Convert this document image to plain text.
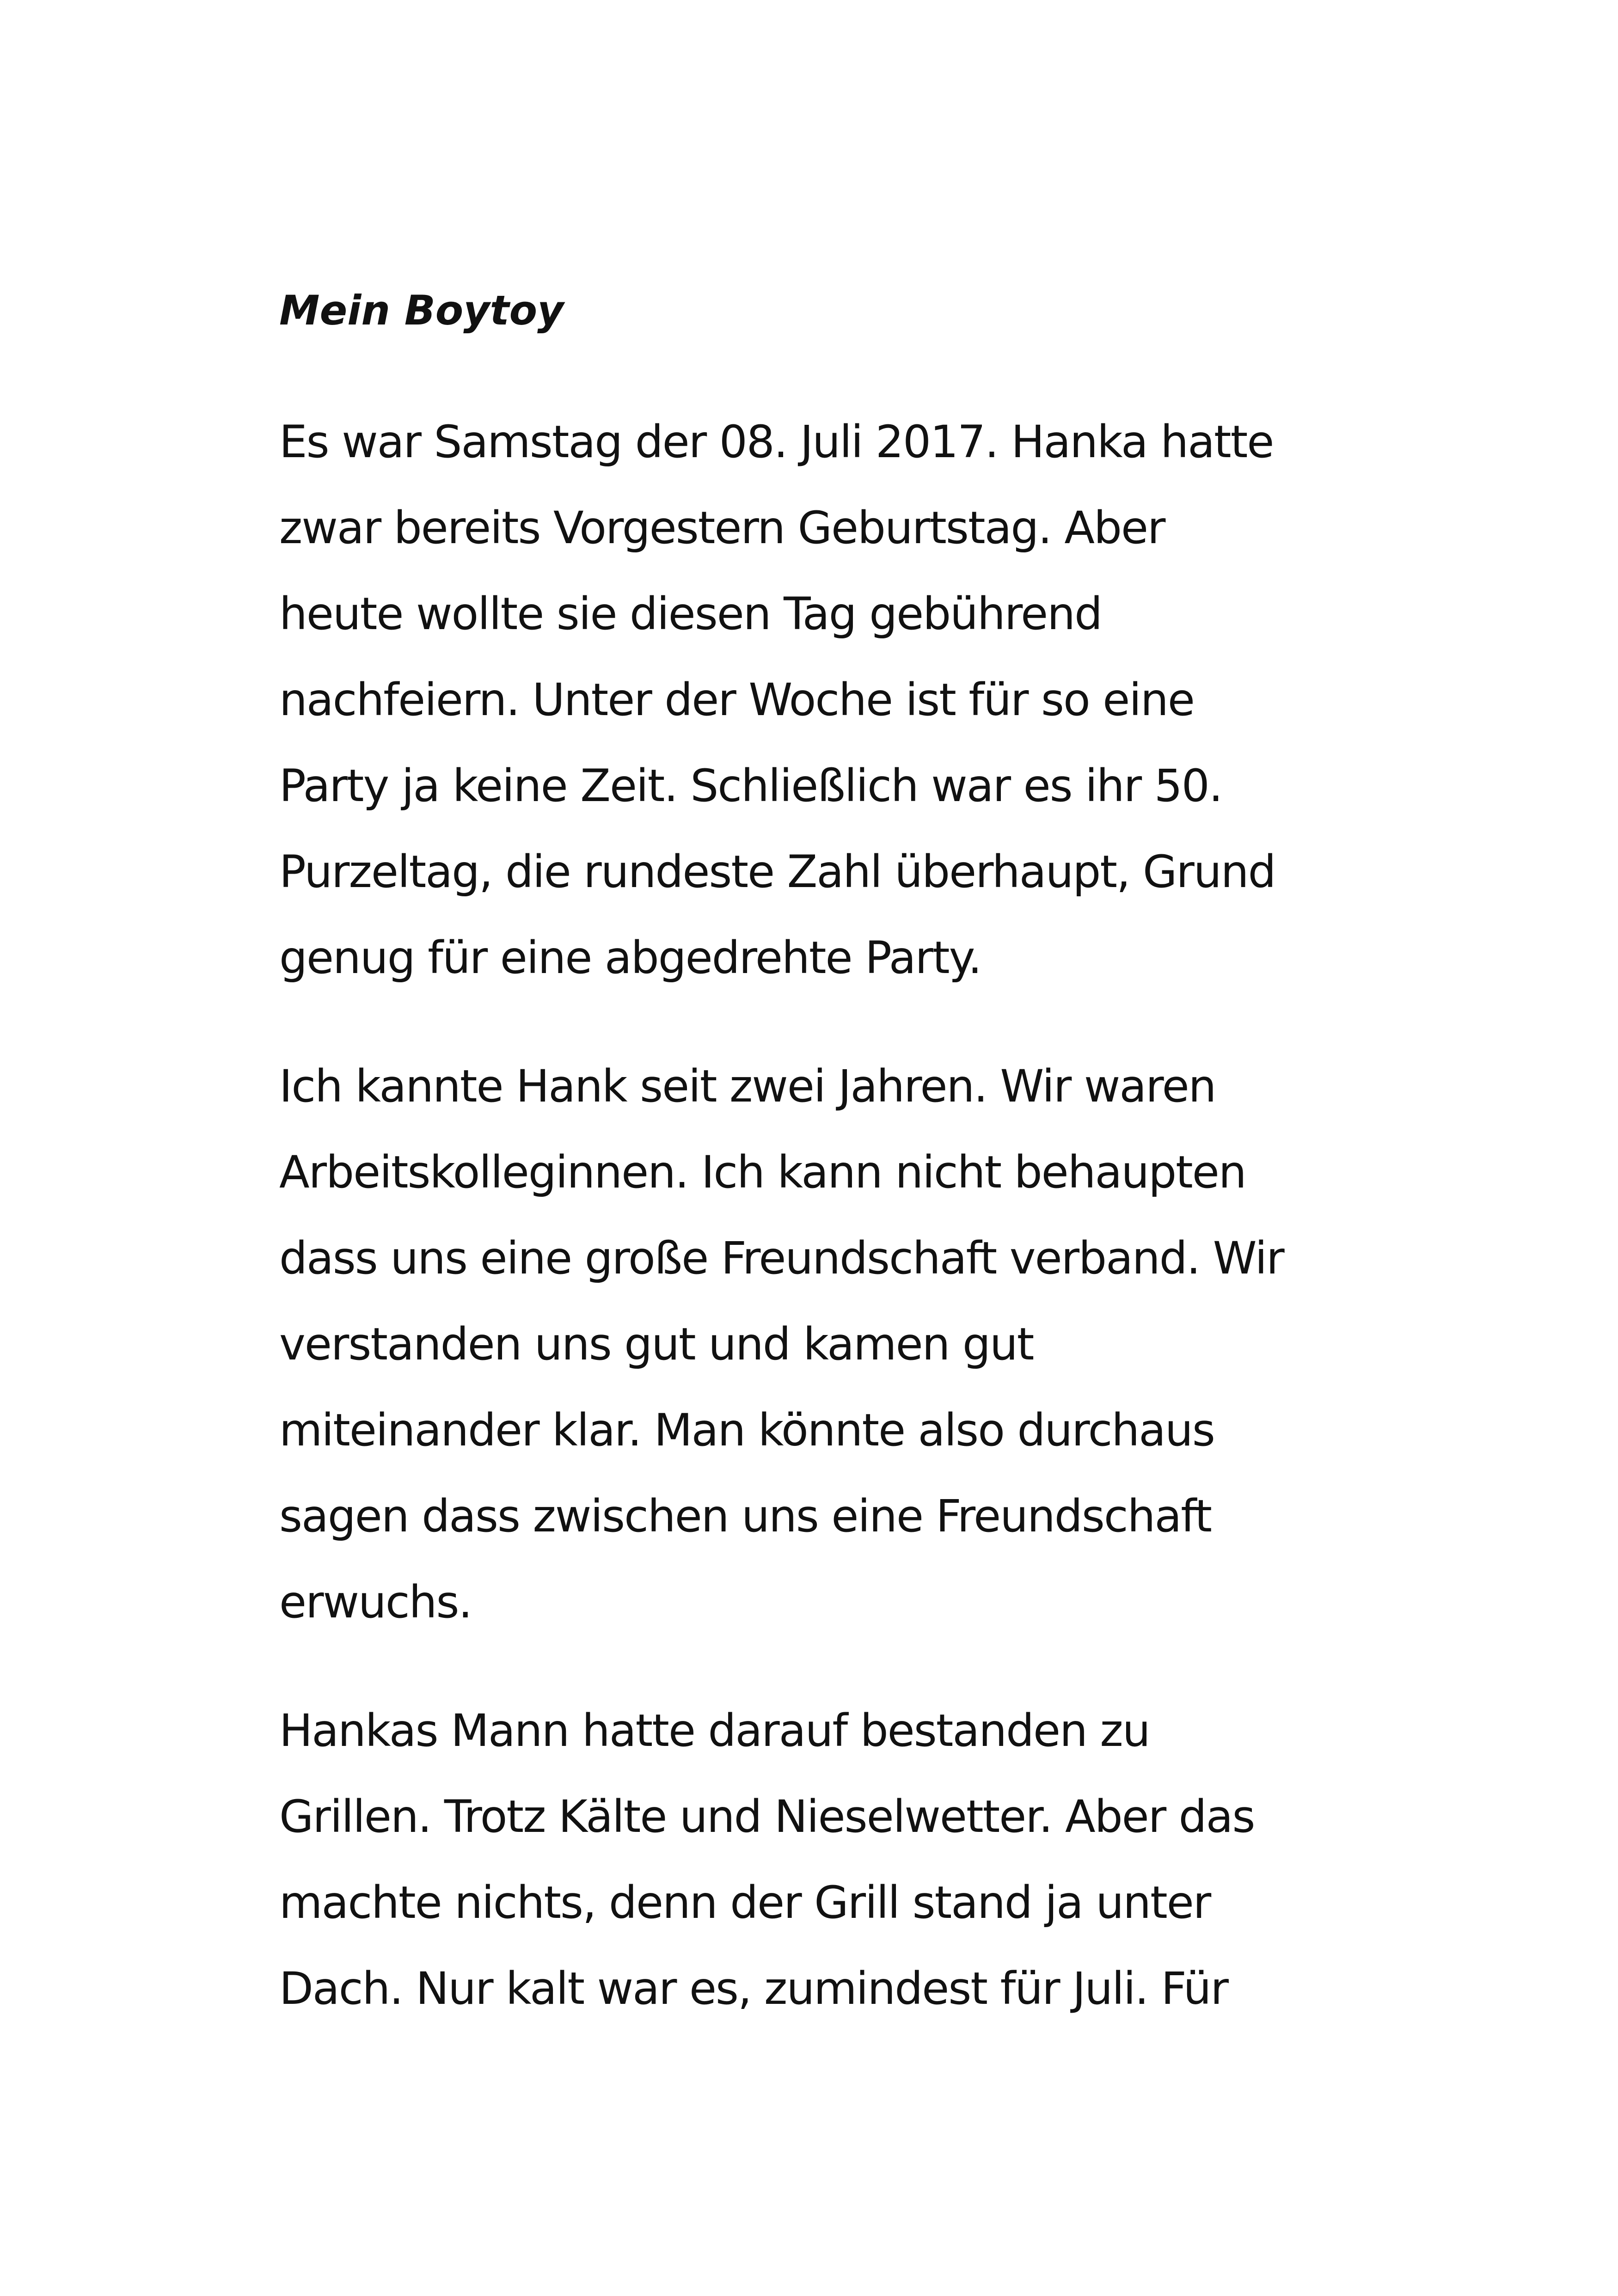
Mein Boytoy

Es war Samstag der 08. Juli 2017. Hanka hatte
zwar bereits Vorgestern Geburtstag. Aber
heute wollte sie diesen Tag gebührend
nachfeiern. Unter der Woche ist für so eine
Party ja keine Zeit. Schließlich war es ihr 50.
Purzeltag, die rundeste Zahl überhaupt, Grund
genug für eine abgedrehte Party.

Ich kannte Hank seit zwei Jahren. Wir waren
Arbeitskolleginnen. Ich kann nicht behaupten
dass uns eine große Freundschaft verband. Wir
verstanden uns gut und kamen gut
miteinander klar. Man könnte also durchaus
sagen dass zwischen uns eine Freundschaft
erwuchs.

Hankas Mann hatte darauf bestanden zu
Grillen. Trotz Kälte und Nieselwetter. Aber das
machte nichts, denn der Grill stand ja unter
Dach. Nur kalt war es, zumindest für Juli. Für
